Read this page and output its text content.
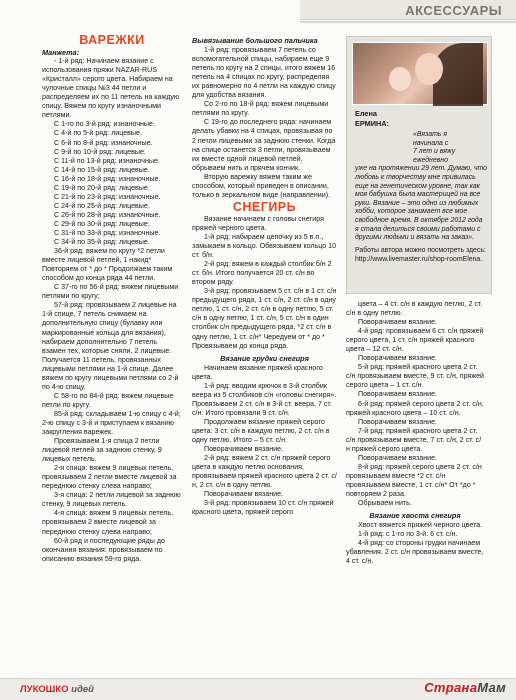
АКСЕССУАРЫ
ВАРЕЖКИ

Манжета:

- 1-й ряд: Начинаем вязание с использования пряжи NAZAR-RUS «Кристалл» серого цвета. Набираем на чулочные спицы №3 44 петли и распределяем их по 11 петель на каждую спицу. Вяжем по кругу изнаночными петлями.

С 1-го по 3-й ряд: изнаночные.

С 4-й по 5-й ряд: лицевые.

С 6-й по 8-й ряд: изнаночные.

С 9-й по 10-й ряд: лицевые.

С 11-й по 13-й ряд: изнаночные.

С 14-й по 15-й ряд: лицевые.

С 16-й по 18-й ряд: изнаночные.

С 19-й по 20-й ряд: лицевые.

С 21-й по 23-й ряд: изнаночные.

С 24-й по 25-й ряд: лицевые.

С 26-й по 28-й ряд: изнаночные.

С 29-й по 30-й ряд: лицевые.

С 31-й по 33-й ряд: изнаночные.

С 34-й по 35-й ряд: лицевые.

36-й ряд: вяжем по кругу *2 петли вместе лицевой петлей, 1 накид* Повторяем от * до * Продолжаем таким способом до конца ряда 44 петли.

С 37-го по 56-й ряд: вяжем лицевыми петлями по кругу;

57-й ряд: провязываем 2 лицевые на 1-й спице, 7 петель снимаем на дополнительную спицу (булавку или маркированные кольца для вязания), набираем дополнительно 7 петель взамен тех, которые сняли, 2 лицевые. Получается 11 петель, провязанных лицевыми петлями на 1-й спице. Далее вяжем по кругу лицевыми петлями со 2-й по 4-ю спицу.

С 58-го по 84-й ряд: вяжем лицевые петли по кругу.

85-й ряд: складываем 1-ю спицу с 4-й; 2-ю спицу с 3-й и приступаем к вязанию закругления варежек.

Провязываем 1-я спица 2 петли лицевой петлей за заднюю стенку, 9 лицевых петель.

2-я спица: вяжем 9 лицевых петель, провязываем 2 петли вместе лицевой за переднюю стенку слева направо;

3-я спица: 2 петли лицевой за заднюю стенку, 9 лицевых петель.

4-я спица: вяжем 9 лицевых петель, провязываем 2 вместе лицевой за переднюю стенку слева направо;

60-й ряд и последующие ряды до окончания вязания: провязываем по описанию вязания 59-го ряда.

Вывязывание большого пальчика

1-й ряд: провязываем 7 петель со вспомогательной спицы, набираем еще 9 петель по кругу на 2 спицы, итого вяжем 16 петель на 4 спицах по кругу, распределяя их равномерно по 4 петли на каждую спицу для удобства вязания.

Со 2-го по 18-й ряд: вяжем лицевыми петлями по кругу.

С 19-го до последнего ряда: начинаем делать убавки на 4 спицах, провязывая по 2 петли лицевыми за заднюю стенки. Когда на спице останется 3 петли, провязываем их вместе одной лицевой петлей, обрываем нить и прячем кончик.

Вторую варежку вяжем таким же способом, который приведен в описании, только в зеркальном виде (направлении).

СНЕГИРЬ

Вязание начинаем с головы снегиря пряжей черного цвета.

1-й ряд: набираем цепочку из 5 в.п., замыкаем в кольцо. Обвязываем кольцо 10 ст. б/н.

2-й ряд: вяжем в каждый столбик б/н 2 ст. б/н. Итого получается 20 ст. с/н во втором ряду.

3-й ряд: провязываем 5 ст. с/н в 1 ст. с/н предыдущего ряда, 1 ст. с/н, 2 ст. с/н в одну петлю, 1 ст. с/н, 2 ст. с/н в одну петлю, 5 ст. с/н в одну петлю, 1 ст. с/н, 5 ст. с/н в один столбик с/н предыдущего ряда, *2 ст. с/н в одну петлю, 1 ст. с/н* Чередуем от * до * Провязываем до конца ряда.

Вязание грудки снегиря

Начинаем вязание пряжей красного цвета.

1-й ряд: вводим крючок в 3-й столбик веера из 5 столбиков с/н «головы снегиря». Провязываем 2 ст. с/н в 3-й ст. веера, 7 ст. с/н. Итого провязали 9 ст. с/н.

Продолжаем вязание пряжей серого цвета: 3 ст. с/н в каждую петлю, 2 ст. с/н в одну петлю. Итого – 5 ст. с/н.

Поворачиваем вязание.

2-й ряд: вяжем 2 ст. с/н пряжей серого цвета в каждую петлю основания, провязываем пряжей красного цвета 2 ст. с/н, 2 ст. с/н в одну петлю.

Поворачиваем вязание.

3-й ряд: провязываем 10 ст. с/н пряжей красного цвета, пряжей серого

Елена
ЕРМИНА:
«Вязать я
начинала с
7 лет и вяжу
ежедневно
уже на протяжении 29 лет. Думаю, что любовь к творчеству мне привилась еще на генетическом уровне, так как моя бабушка была мастерицей на все руки. Вязание – это одно из любимых хобби, которое занимает все мое свободное время. В октябре 2012 года я стала делиться своими работами с другими людьми и вязать на заказ».
Работы автора можно посмотреть здесь: http://www.livemaster.ru/shop-roomElena.

цвета – 4 ст. с/н в каждую петлю, 2 ст. с/н в одну петлю.

Поворачиваем вязание.

4-й ряд: провязываем 6 ст. с/н пряжей серого цвета, 1 ст. с/н пряжей красного цвета – 12 ст. с/н.

Поворачиваем вязание.

5-й ряд: пряжей красного цвета 2 ст. с/н провязываем вместе, 9 ст. с/н, пряжей серого цвета – 1 ст. с/н.

Поворачиваем вязание.

6-й ряд: пряжей серого цвета 2 ст. с/н, пряжей красного цвета – 10 ст. с/н.

Поворачиваем вязание.

7-й ряд: пряжей красного цвета 2 ст. с/н провязываем вместе, 7 ст. с/н, 2 ст. с/н пряжей серого цвета.

Поворачиваем вязание.

8-й ряд: пряжей серого цвета 2 ст. с/н провязываем вместе *2 ст. с/н провязываем вместе, 1 ст. с/н* От *до * повторяем 2 раза.

Обрываем нить.

Вязание хвоста снегиря

Хвост вяжется пряжей черного цвета.

1-й ряд: с 1-го по 3-й: 6 ст. с/н.

4-й ряд: со стороны грудки начинаем убавления. 2 ст. с/н провязываем вместе, 4 ст. с/н.

ЛУКОШКО идей	СтранаМам
